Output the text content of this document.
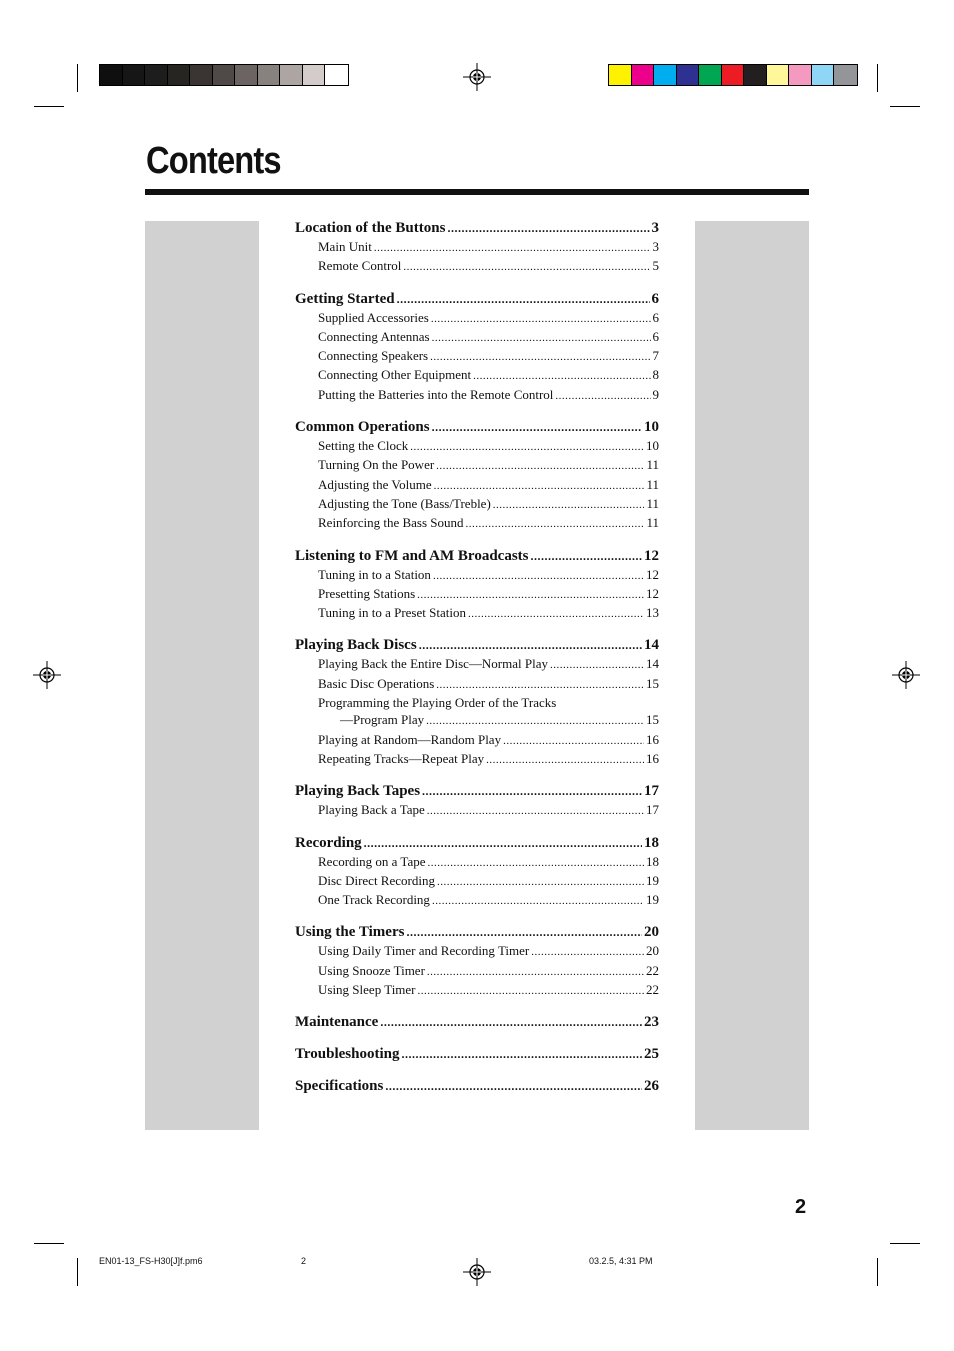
Contents
Location of the Buttons .....	3
Main Unit .....	3
Remote Control .....	5
Getting Started .....	6
Supplied Accessories .....	6
Connecting Antennas .....	6
Connecting Speakers .....	7
Connecting Other Equipment .....	8
Putting the Batteries into the Remote Control .....	9
Common Operations .....	10
Setting the Clock .....	10
Turning On the Power .....	11
Adjusting the Volume .....	11
Adjusting the Tone (Bass/Treble) .....	11
Reinforcing the Bass Sound .....	11
Listening to FM and AM Broadcasts .....	12
Tuning in to a Station .....	12
Presetting Stations .....	12
Tuning in to a Preset Station .....	13
Playing Back Discs .....	14
Playing Back the Entire Disc—Normal Play .....	14
Basic Disc Operations .....	15
Programming the Playing Order of the Tracks
—Program Play .....	15
Playing at Random—Random Play .....	16
Repeating Tracks—Repeat Play .....	16
Playing Back Tapes .....	17
Playing Back a Tape .....	17
Recording .....	18
Recording on a Tape .....	18
Disc Direct Recording .....	19
One Track Recording .....	19
Using the Timers .....	20
Using Daily Timer and Recording Timer .....	20
Using Snooze Timer .....	22
Using Sleep Timer .....	22
Maintenance .....	23
Troubleshooting .....	25
Specifications .....	26
2
EN01-13_FS-H30[J]f.pm6	2	03.2.5, 4:31 PM
